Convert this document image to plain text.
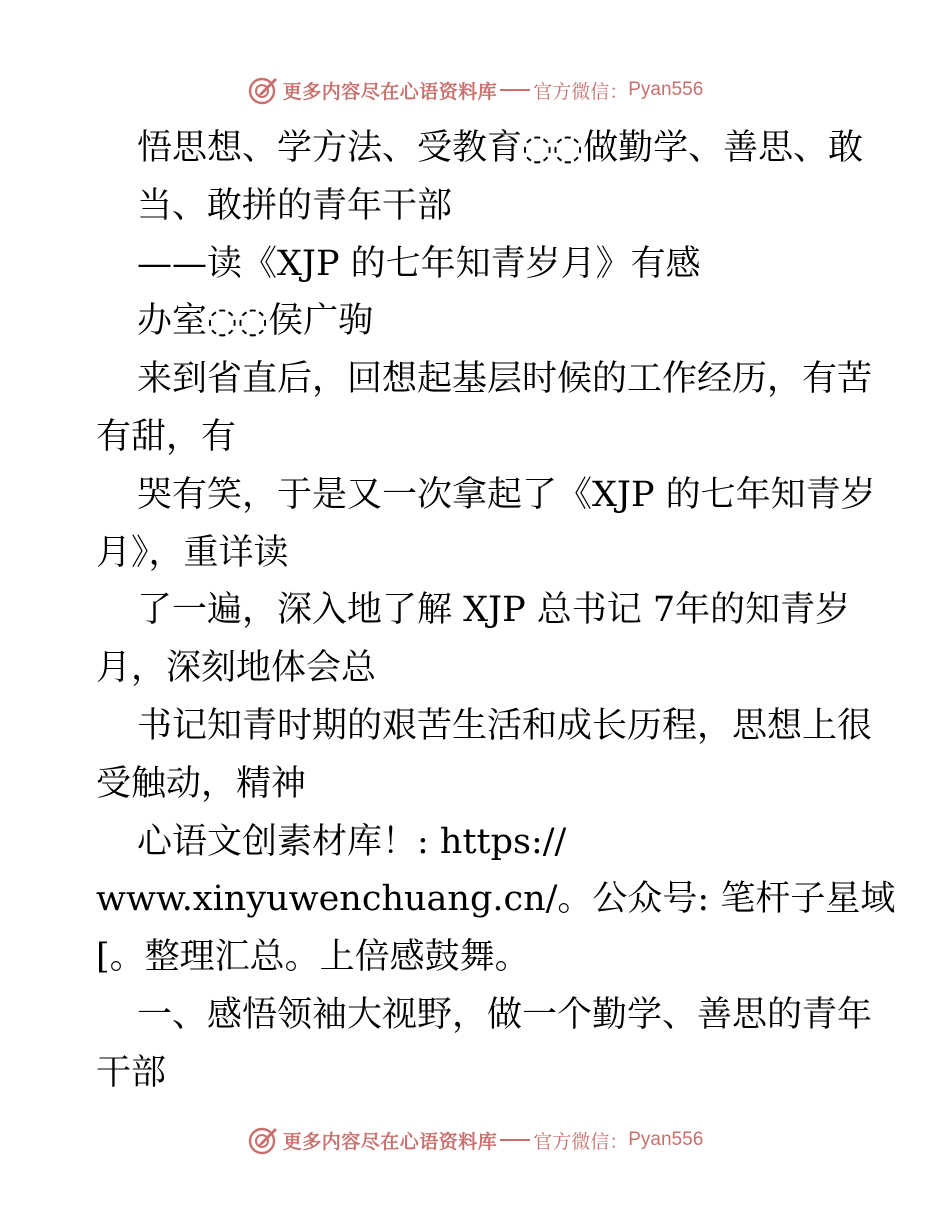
更多内容尽在心语资料库 官方微信： Pyan556
悟思想、学方法、受教育◌◌做勤学、善思、敢
当、敢拼的青年干部
——读《XJP 的七年知青岁月》有感
办室◌◌侯广驹
来到省直后，回想起基层时候的工作经历，有苦
有甜，有
哭有笑，于是又一次拿起了《XJP 的七年知青岁
月》，重详读
了一遍，深入地了解 XJP 总书记 7年的知青岁
月，深刻地体会总
书记知青时期的艰苦生活和成长历程，思想上很
受触动，精神
心语文创素材库！: https://
www.xinyuwenchuang.cn/。公众号: 笔杆子星域
[。整理汇总。上倍感鼓舞。
一、感悟领袖大视野，做一个勤学、善思的青年
干部
更多内容尽在心语资料库 官方微信： Pyan556
